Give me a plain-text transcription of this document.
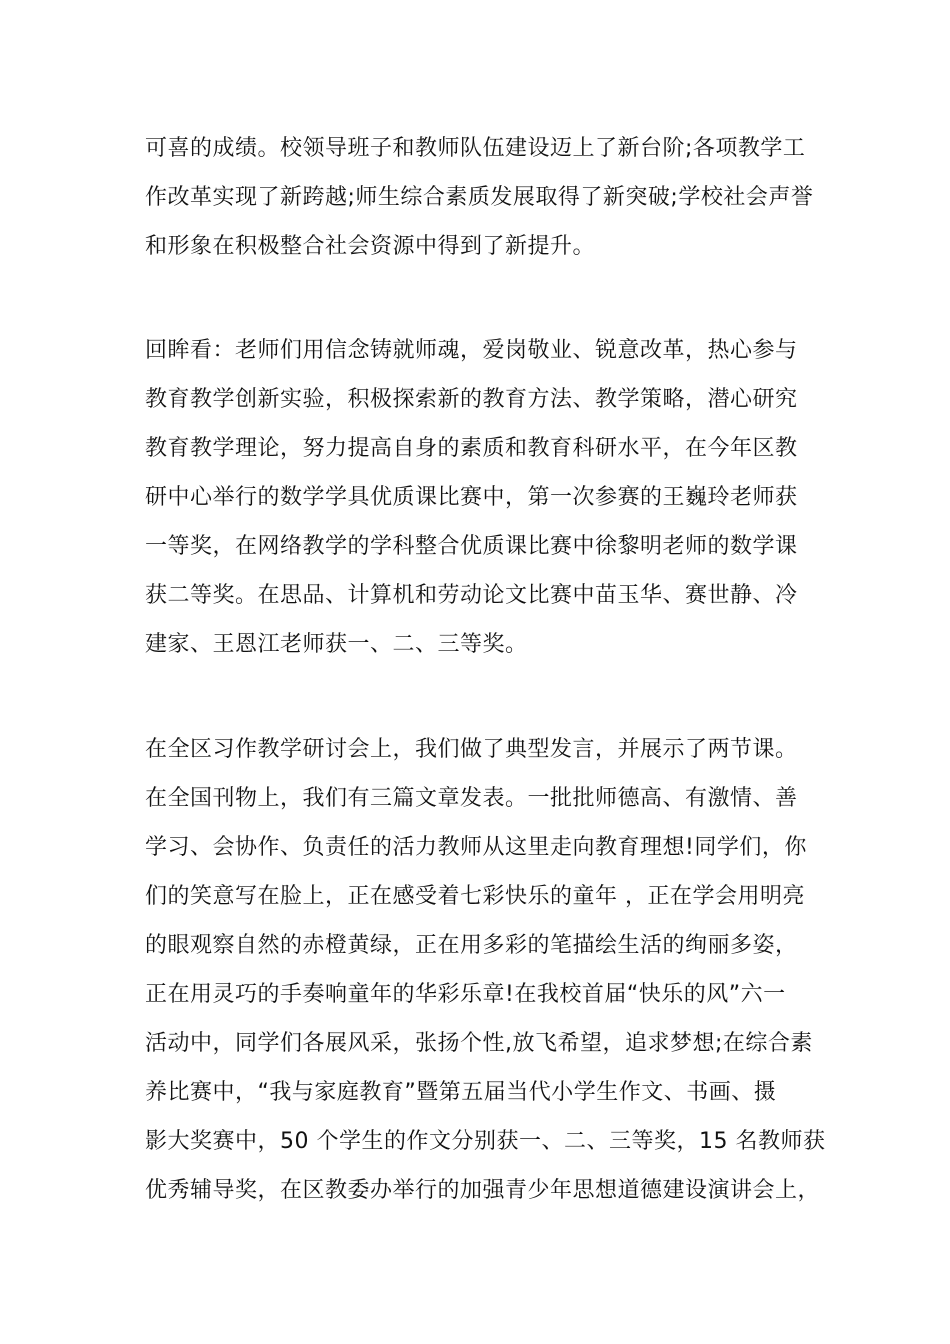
可喜的成绩。校领导班子和教师队伍建设迈上了新台阶;各项教学工
作改革实现了新跨越;师生综合素质发展取得了新突破;学校社会声誉
和形象在积极整合社会资源中得到了新提升。
回眸看：老师们用信念铸就师魂，爱岗敬业、锐意改革，热心参与
教育教学创新实验，积极探索新的教育方法、教学策略，潜心研究
教育教学理论，努力提高自身的素质和教育科研水平，在今年区教
研中心举行的数学学具优质课比赛中，第一次参赛的王巍玲老师获
一等奖，在网络教学的学科整合优质课比赛中徐黎明老师的数学课
获二等奖。在思品、计算机和劳动论文比赛中苗玉华、赛世静、冷
建家、王恩江老师获一、二、三等奖。
在全区习作教学研讨会上，我们做了典型发言，并展示了两节课。
在全国刊物上，我们有三篇文章发表。一批批师德高、有激情、善
学习、会协作、负责任的活力教师从这里走向教育理想!同学们，你
们的笑意写在脸上，正在感受着七彩快乐的童年 ，正在学会用明亮
的眼观察自然的赤橙黄绿，正在用多彩的笔描绘生活的绚丽多姿，
正在用灵巧的手奏响童年的华彩乐章!在我校首届“快乐的风”六一
活动中，同学们各展风采，张扬个性,放飞希望，追求梦想;在综合素
养比赛中，“我与家庭教育”暨第五届当代小学生作文、书画、摄
影大奖赛中，50 个学生的作文分别获一、二、三等奖，15 名教师获
优秀辅导奖，在区教委办举行的加强青少年思想道德建设演讲会上，
